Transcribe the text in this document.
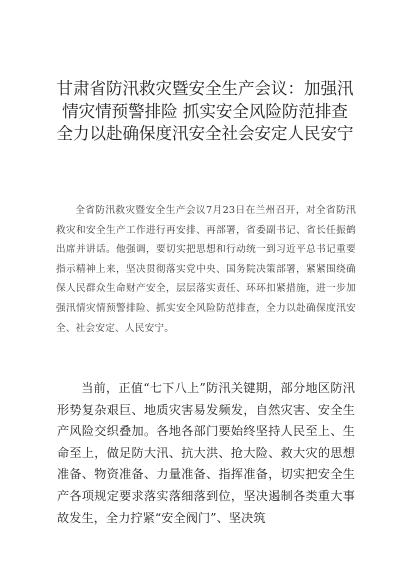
甘肃省防汛救灾暨安全生产会议：加强汛情灾情预警排险 抓实安全风险防范排查 全力以赴确保度汛安全社会安定人民安宁

全省防汛救灾暨安全生产会议7月23日在兰州召开，对全省防汛救灾和安全生产工作进行再安排、再部署，省委副书记、省长任振鹤出席并讲话。他强调，要切实把思想和行动统一到习近平总书记重要指示精神上来，坚决贯彻落实党中央、国务院决策部署，紧紧围绕确保人民群众生命财产安全，层层落实责任、环环扣紧措施，进一步加强汛情灾情预警排险、抓实安全风险防范排查，全力以赴确保度汛安全、社会安定、人民安宁。

当前，正值“七下八上”防汛关键期，部分地区防汛形势复杂艰巨、地质灾害易发频发，自然灾害、安全生产风险交织叠加。各地各部门要始终坚持人民至上、生命至上，做足防大汛、抗大洪、抢大险、救大灾的思想准备、物资准备、力量准备、指挥准备，切实把安全生产各项规定要求落实落细落到位，坚决遏制各类重大事故发生，全力拧紧“安全阀门”、坚决筑
